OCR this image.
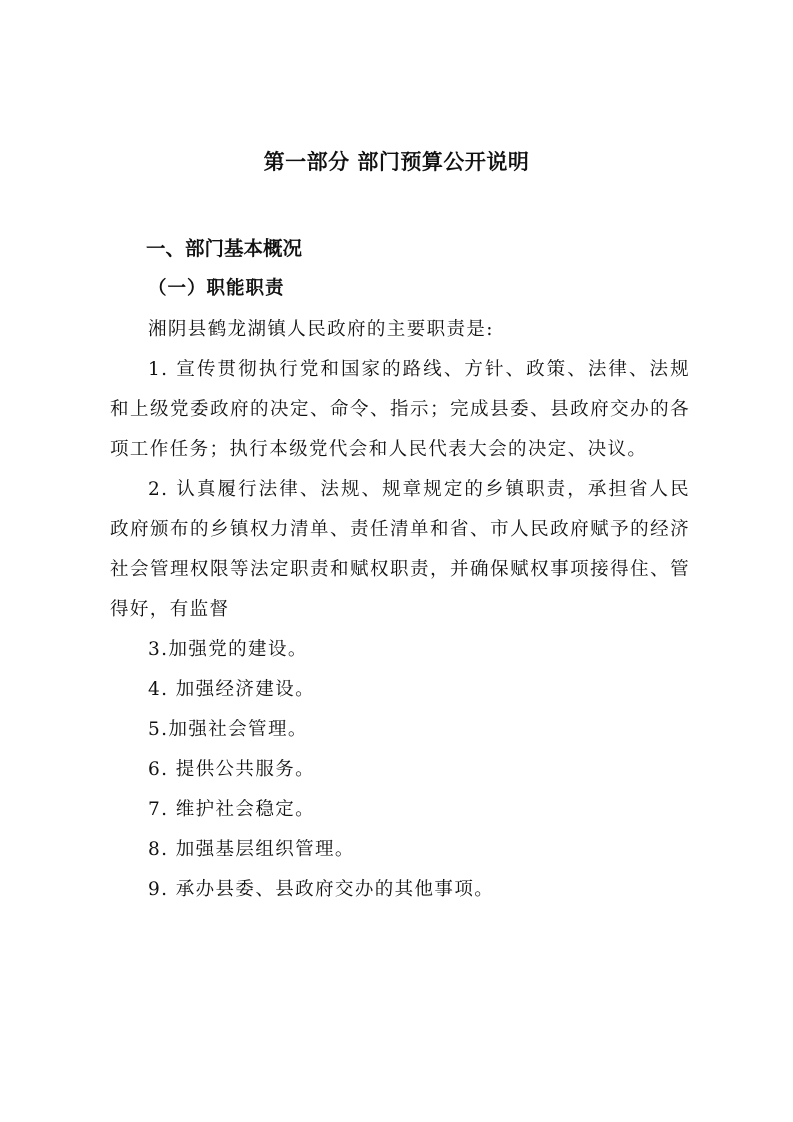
第一部分 部门预算公开说明
一、部门基本概况
（一）职能职责

湘阴县鹤龙湖镇人民政府的主要职责是:

1. 宣传贯彻执行党和国家的路线、方针、政策、法律、法规和上级党委政府的决定、命令、指示；完成县委、县政府交办的各项工作任务；执行本级党代会和人民代表大会的决定、决议。

2. 认真履行法律、法规、规章规定的乡镇职责，承担省人民政府颁布的乡镇权力清单、责任清单和省、市人民政府赋予的经济社会管理权限等法定职责和赋权职责，并确保赋权事项接得住、管得好，有监督

3.加强党的建设。

4. 加强经济建设。

5.加强社会管理。

6. 提供公共服务。

7. 维护社会稳定。

8. 加强基层组织管理。

9. 承办县委、县政府交办的其他事项。
